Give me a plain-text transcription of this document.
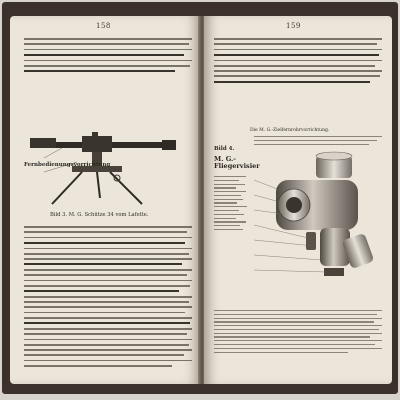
158
Fernbedienungsvorrichtung
Bild 3. M. G. Schütze 34 vom Lafette.
159
Bild 4.
Die M. G.-Zielfernrohrvorrichtung.
M. G.-Fliegervisier
